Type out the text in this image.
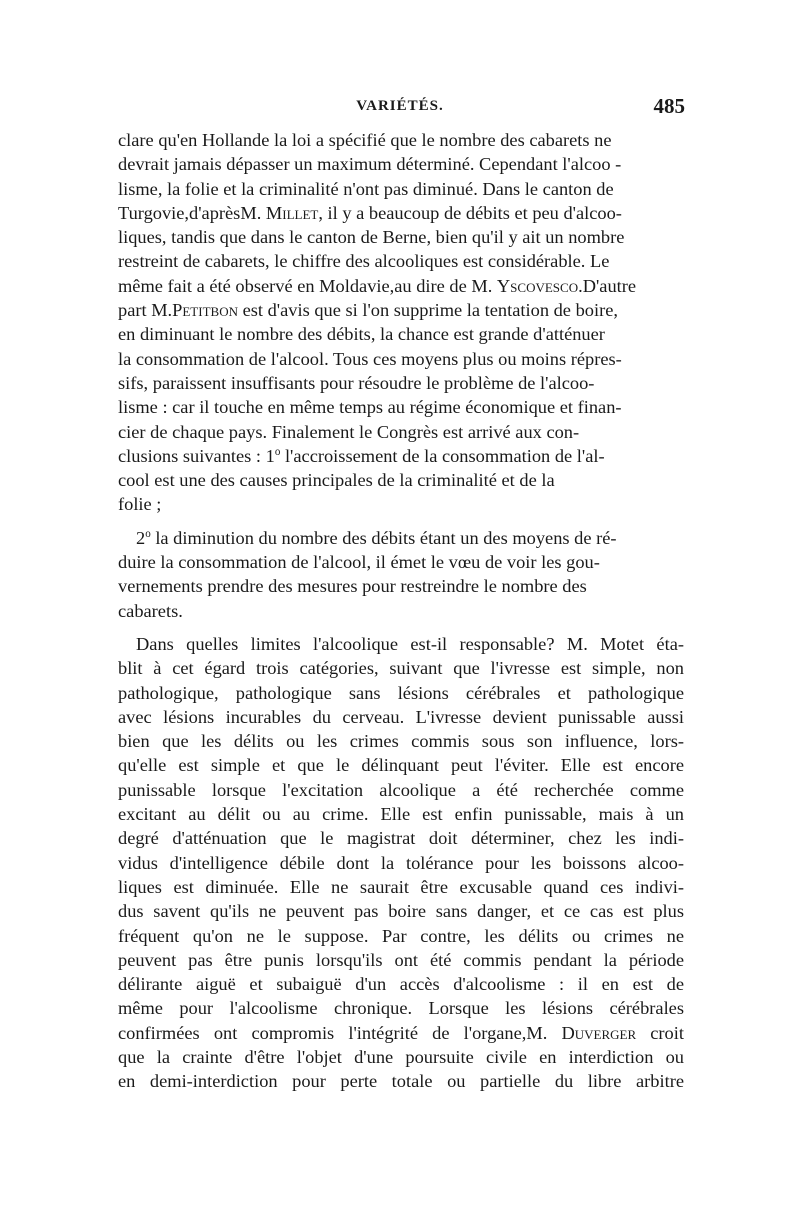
VARIÉTÉS.	485
clare qu'en Hollande la loi a spécifié que le nombre des cabarets ne
devrait jamais dépasser un maximum déterminé. Cependant l'alcoo -
lisme, la folie et la criminalité n'ont pas diminué. Dans le canton de
Turgovie,d'aprèsM. Millet, il y a beaucoup de débits et peu d'alcoo-
liques, tandis que dans le canton de Berne, bien qu'il y ait un nombre
restreint de cabarets, le chiffre des alcooliques est considérable. Le
même fait a été observé en Moldavie,au dire de M. Yscovesco.D'autre
part M.Petitbon est d'avis que si l'on supprime la tentation de boire,
en diminuant le nombre des débits, la chance est grande d'atténuer
la consommation de l'alcool. Tous ces moyens plus ou moins répres-
sifs, paraissent insuffisants pour résoudre le problème de l'alcoo-
lisme : car il touche en même temps au régime économique et finan-
cier de chaque pays. Finalement le Congrès est arrivé aux con-
clusions suivantes : 1$^o$ l'accroissement de la consommation de l'al-
cool est une des causes principales de la criminalité et de la
folie ;
2$^o$ la diminution du nombre des débits étant un des moyens de ré-
duire la consommation de l'alcool, il émet le vœu de voir les gou-
vernements prendre des mesures pour restreindre le nombre des
cabarets.
Dans quelles limites l'alcoolique est-il responsable? M. Motet éta-
blit à cet égard trois catégories, suivant que l'ivresse est simple, non
pathologique, pathologique sans lésions cérébrales et pathologique
avec lésions incurables du cerveau. L'ivresse devient punissable aussi
bien que les délits ou les crimes commis sous son influence, lors-
qu'elle est simple et que le délinquant peut l'éviter. Elle est encore
punissable lorsque l'excitation alcoolique a été recherchée comme
excitant au délit ou au crime. Elle est enfin punissable, mais à un
degré d'atténuation que le magistrat doit déterminer, chez les indi-
vidus d'intelligence débile dont la tolérance pour les boissons alcoo-
liques est diminuée. Elle ne saurait être excusable quand ces indivi-
dus savent qu'ils ne peuvent pas boire sans danger, et ce cas est plus
fréquent qu'on ne le suppose. Par contre, les délits ou crimes ne
peuvent pas être punis lorsqu'ils ont été commis pendant la période
délirante aiguë et subaiguë d'un accès d'alcoolisme : il en est de
même pour l'alcoolisme chronique. Lorsque les lésions cérébrales
confirmées ont compromis l'intégrité de l'organe,M. Duverger croit
que la crainte d'être l'objet d'une poursuite civile en interdiction ou
en demi-interdiction pour perte totale ou partielle du libre arbitre
